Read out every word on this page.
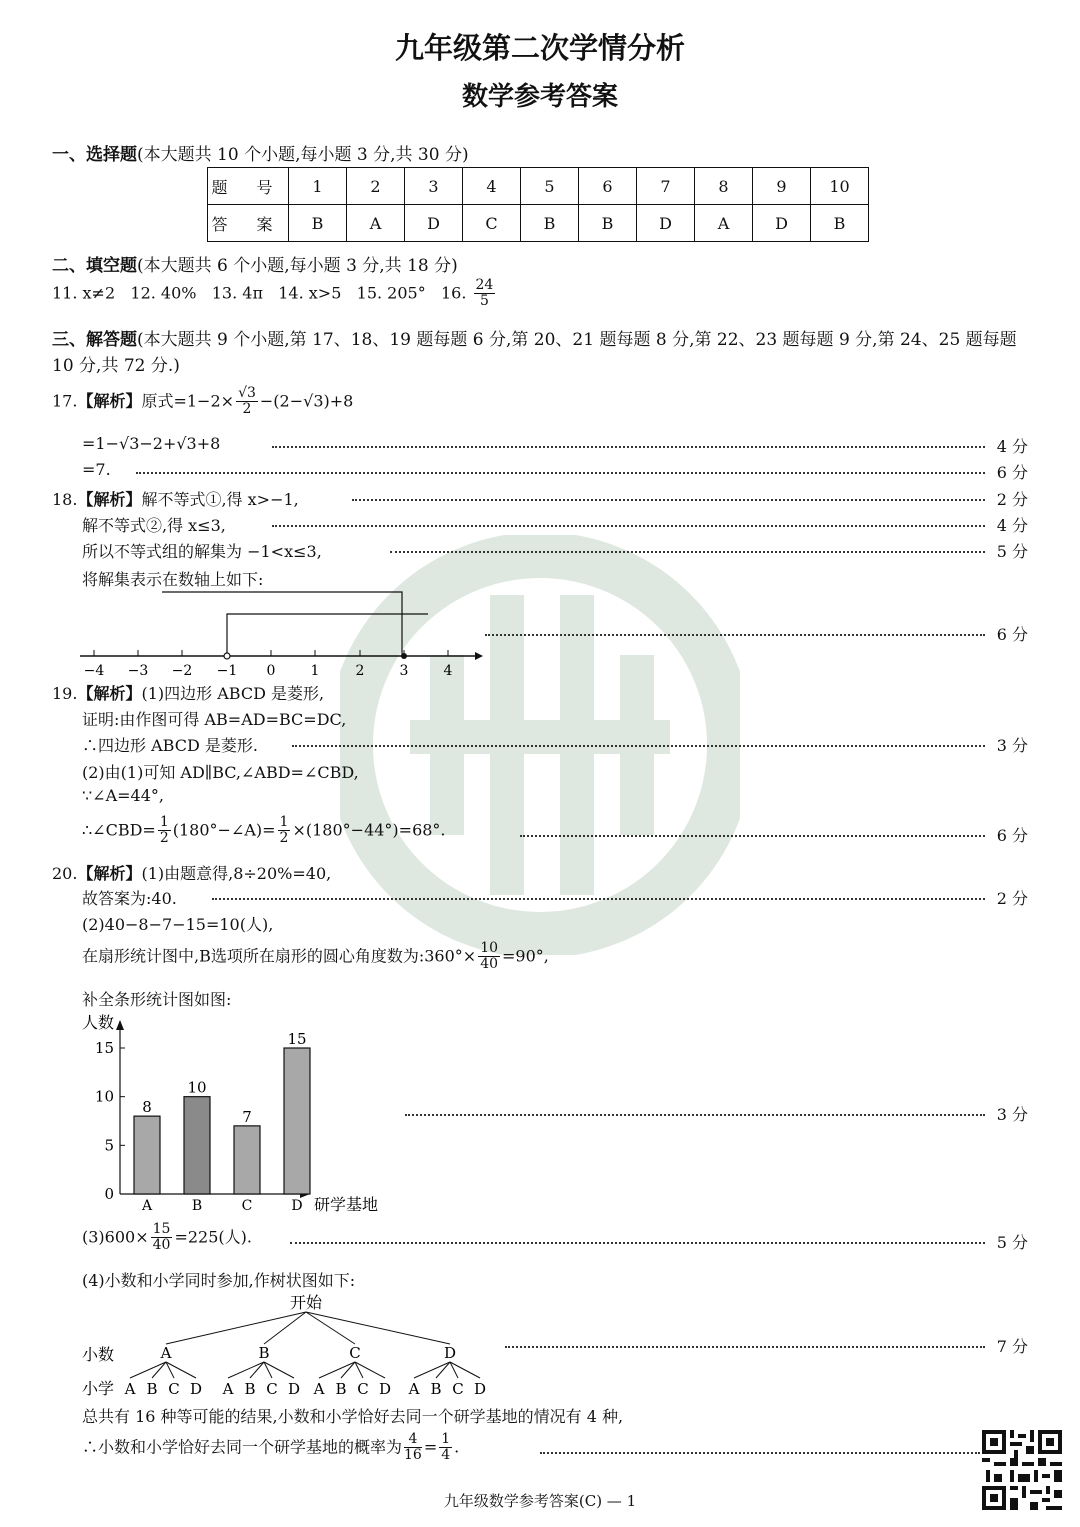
九年级第二次学情分析
数学参考答案
一、选择题(本大题共 10 个小题,每小题 3 分,共 30 分)
题 号	1	2	3	4	5	6	7	8	9	10
答 案	B	A	D	C	B	B	D	A	D	B
二、填空题(本大题共 6 个小题,每小题 3 分,共 18 分)
11. x≠2   12. 40%   13. 4π   14. x>5   15. 205°   16. $\frac{24}{5}$
三、解答题(本大题共 9 个小题,第 17、18、19 题每题 6 分,第 20、21 题每题 8 分,第 22、23 题每题 9 分,第 24、25 题每题
10 分,共 72 分.)
17.【解析】原式$=1-2\times \frac{√3}{2} -(2-√3)+8$
=1−√3−2+√3+8	4 分
=7.	6 分
18.【解析】解不等式①,得 x>−1,	2 分
解不等式②,得 x≤3,	4 分
所以不等式组的解集为 −1<x≤3,	5 分
将解集表示在数轴上如下:
−4 −3 −2 −1 0	1	2	3	4
6 分
19.【解析】(1)四边形 ABCD 是菱形,
证明:由作图可得 AB=AD=BC=DC,
∴四边形 ABCD 是菱形.	3 分
(2)由(1)可知 AD∥BC,∠ABD=∠CBD,
∵∠A=44°,
∴∠CBD= $\frac{1}{2}$ (180°−∠A)= $\frac{1}{2} \times(180^\circ-44^\circ)=68^\circ$.	6 分
20.【解析】(1)由题意得,8÷20%=40,
故答案为:40.	2 分
(2)40−8−7−15=10(人),
在扇形统计图中,B选项所在扇形的圆心角度数为:360°× $\frac{10}{40} =90^\circ$,
补全条形统计图如图:
人数
研学基地
0
5
10
15
8
A
10
B
7
C
15
D
3 分
$(3)600\times \frac{15}{40} =225$(人).	5 分
(4)小数和小学同时参加,作树状图如下:
开始
小数
小学
A	B	C	D
A B C D A B C D A B C D A B C D
7 分
总共有 16 种等可能的结果,小数和小学恰好去同一个研学基地的情况有 4 种,
∴小数和小学恰好去同一个研学基地的概率为 $\frac{4}{16} = \frac{1}{4}$ .
九年级数学参考答案(C) — 1
